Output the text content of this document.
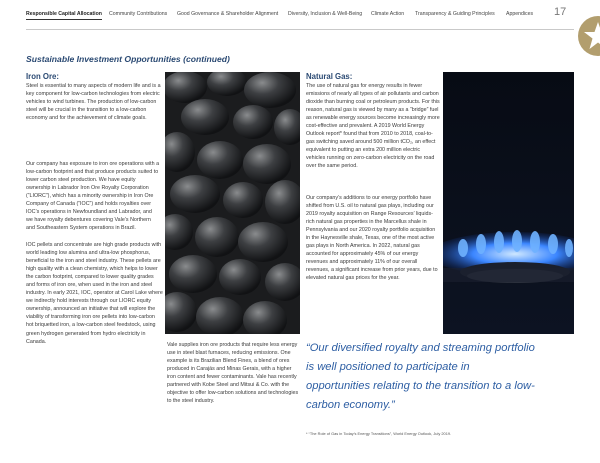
Responsible Capital Allocation Community Contributions Good Governance & Shareholder Alignment Diversity, Inclusion & Well-Being Climate Action Transparency & Guiding Principles Appendices 17
Sustainable Investment Opportunities (continued)
Iron Ore:
Steel is essential to many aspects of modern life and is a key component for low-carbon technologies from electric vehicles to wind turbines. The production of low-carbon steel will be crucial in the transition to a low-carbon economy and for the achievement of climate goals.
Our company has exposure to iron ore operations with a low-carbon footprint and that produce products suited to lower carbon steel production. We have equity ownership in Labrador Iron Ore Royalty Corporation (“LIORC”), which has a minority ownership in Iron Ore Company of Canada (“IOC”) and holds royalties over IOC’s operations in Newfoundland and Labrador, and we have royalty debentures covering Vale’s Northern and Southeastern System operations in Brazil.
IOC pellets and concentrate are high grade products with world leading low alumina and ultra-low phosphorus, beneficial to the iron and steel industry. These pellets are high quality with a clean chemistry, which helps to lower the carbon footprint, compared to lower quality grades and forms of iron ore, when used in the iron and steel industry. In early 2021, IOC, operator at Carol Lake where we indirectly hold interests through our LIORC equity ownership, announced an initiative that will explore the viability of transforming iron ore pellets into low-carbon hot briquetted iron, a low-carbon steel feedstock, using green hydrogen generated from hydro electricity in Canada.
Vale supplies iron ore products that require less energy use in steel blast furnaces, reducing emissions. One example is its Brazilian Blend Fines, a blend of ores produced in Carajás and Minas Gerais, with a higher iron content and fewer contaminants. Vale has recently partnered with Kobe Steel and Mitsui & Co. with the objective to offer low-carbon solutions and technologies to the steel industry.
Natural Gas:
The use of natural gas for energy results in fewer emissions of nearly all types of air pollutants and carbon dioxide than burning coal or petroleum products. For this reason, natural gas is viewed by many as a “bridge” fuel as renewable energy sources become increasingly more cost-effective and prevalent. A 2019 World Energy Outlook report* found that from 2010 to 2018, coal-to-gas switching saved around 500 million tCO₂, an effect equivalent to putting an extra 200 million electric vehicles running on zero-carbon electricity on the road over the same period.
Our company’s additions to our energy portfolio have shifted from U.S. oil to natural gas plays, including our 2019 royalty acquisition on Range Resources’ liquids-rich natural gas properties in the Marcellus shale in Pennsylvania and our 2020 royalty portfolio acquisition in the Haynesville shale, Texas, one of the most active gas plays in North America. In 2022, natural gas accounted for approximately 45% of our energy revenues and approximately 11% of our overall revenues, a significant increase from prior years, due to elevated natural gas prices for the year.
“Our diversified royalty and streaming portfolio is well positioned to participate in opportunities relating to the transition to a low-carbon economy.”
* “The Role of Gas in Today’s Energy Transitions”, World Energy Outlook, July 2019.
